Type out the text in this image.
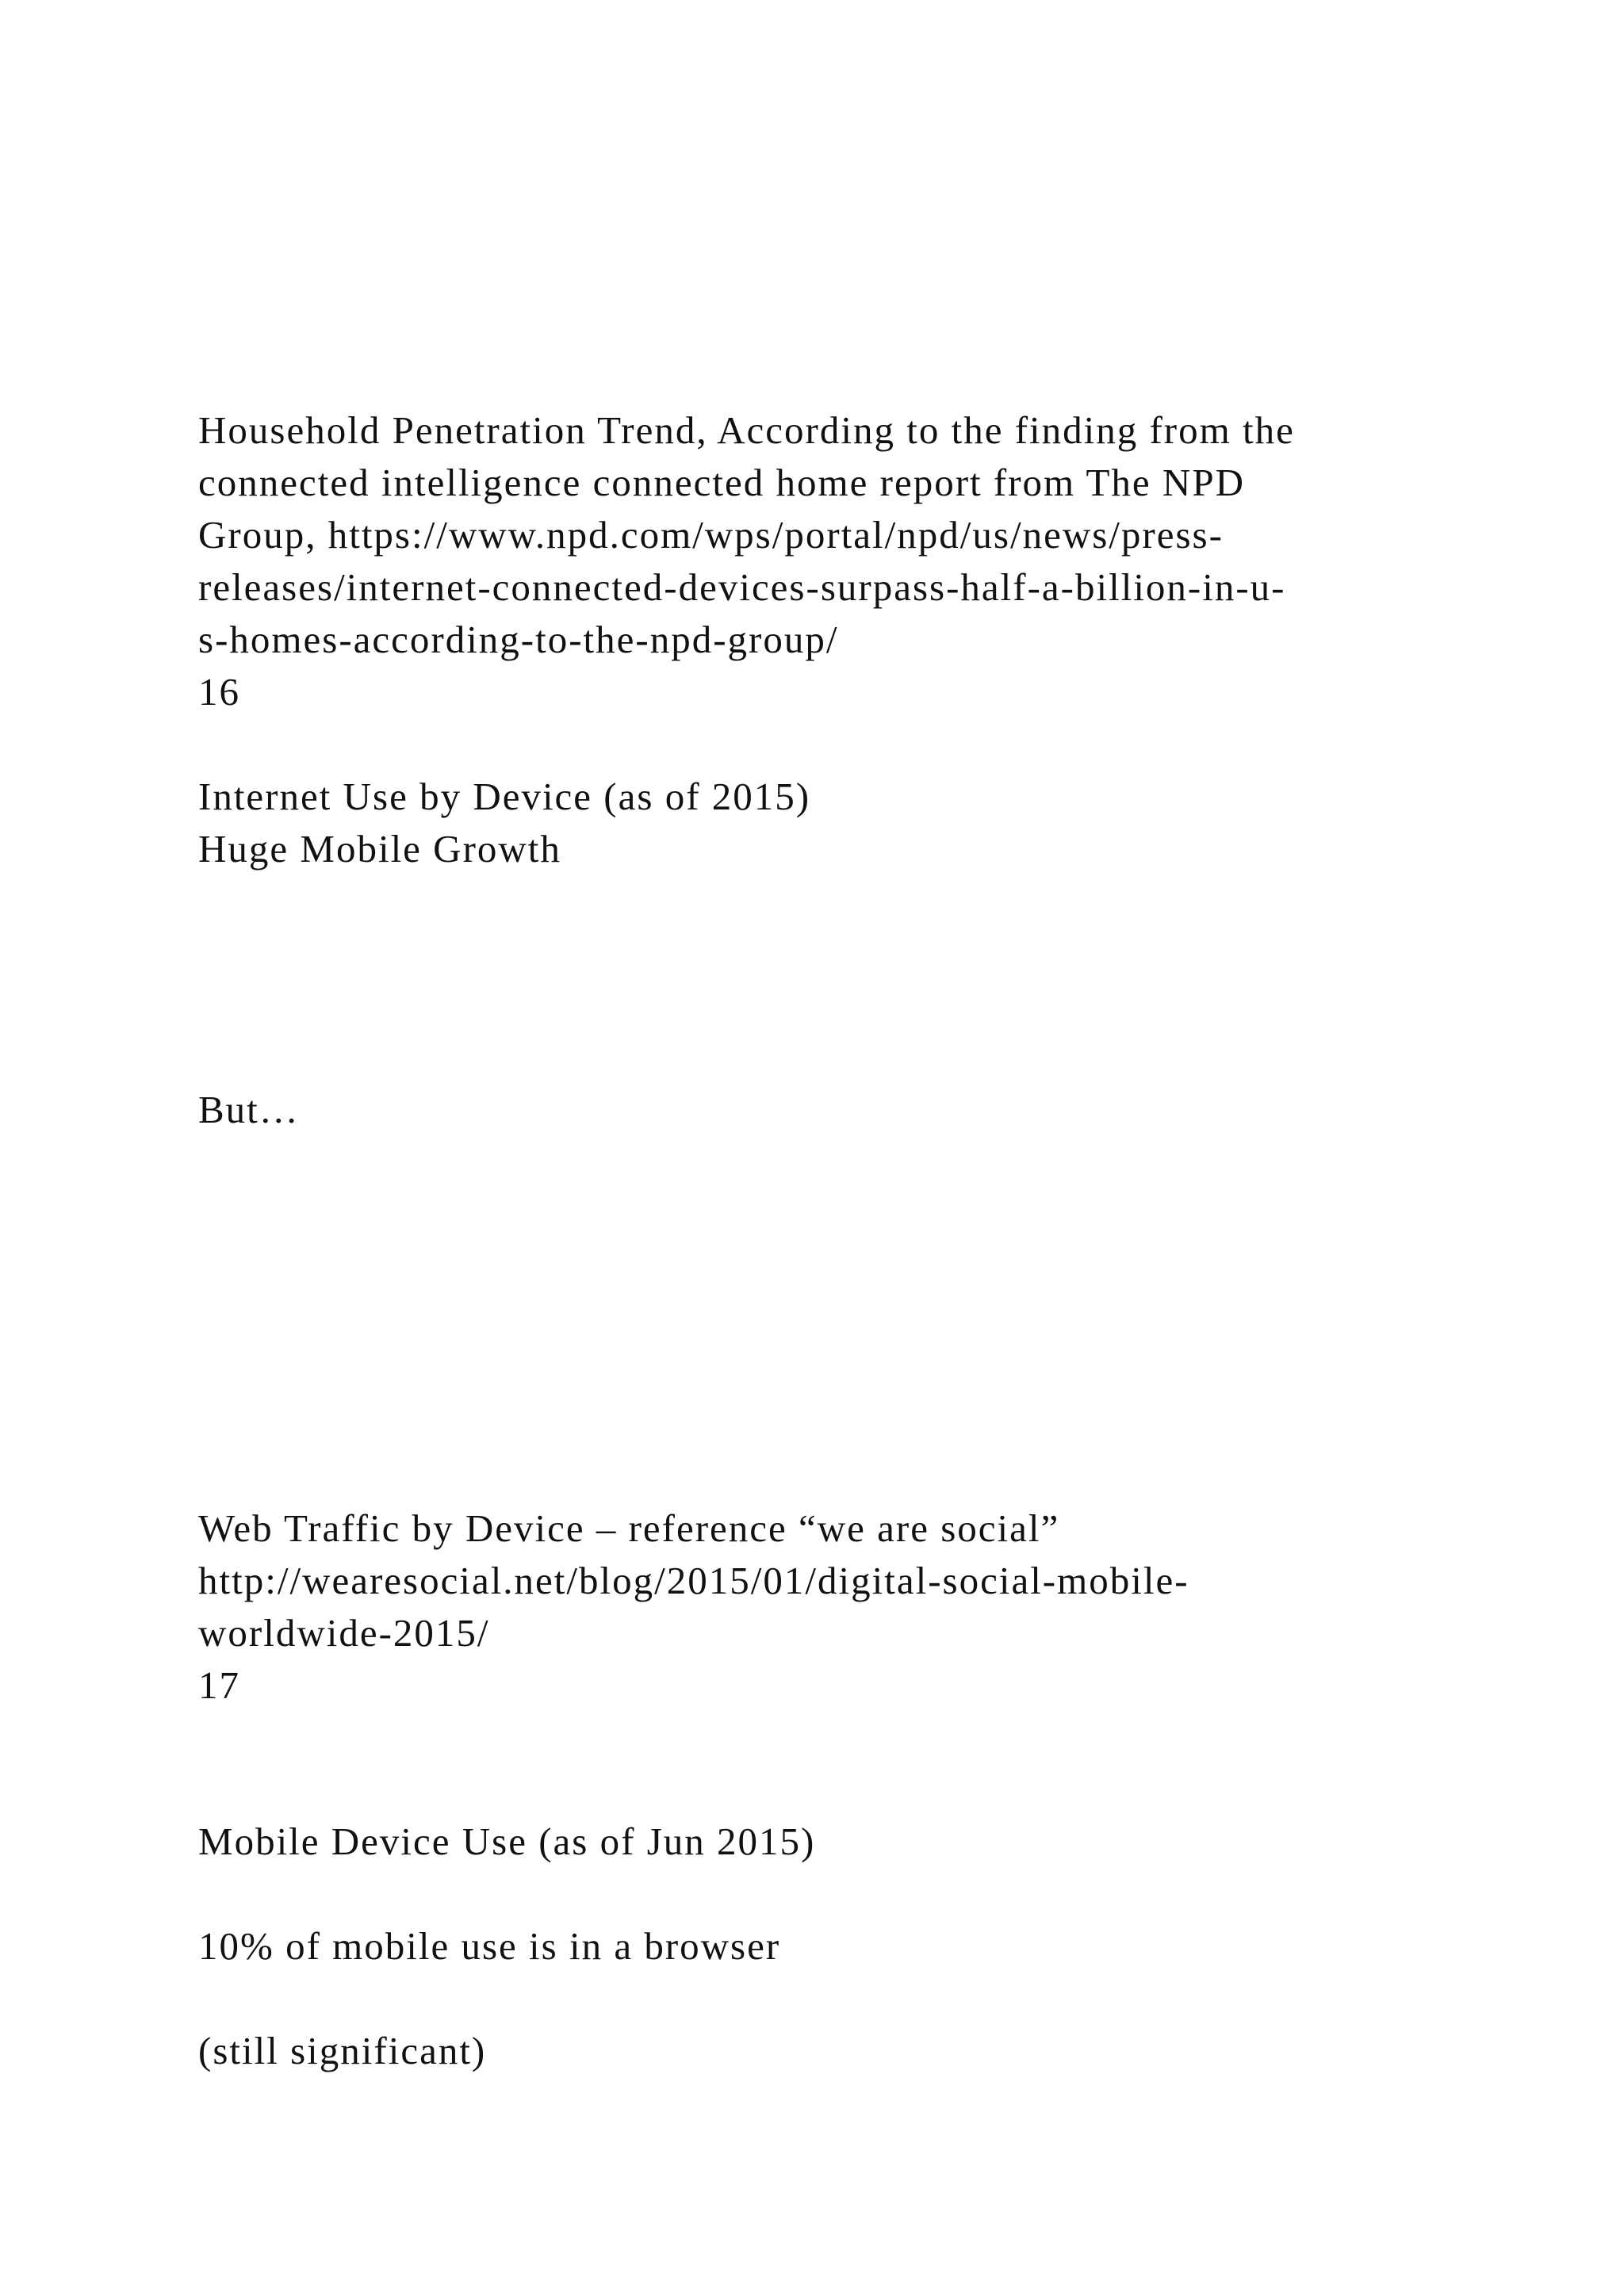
Household Penetration Trend, According to the finding from the

connected intelligence connected home report from The NPD

Group, https://www.npd.com/wps/portal/npd/us/news/press-

releases/internet-connected-devices-surpass-half-a-billion-in-u-

s-homes-according-to-the-npd-group/

16

Internet Use by Device (as of 2015)

Huge Mobile Growth

But…

Web Traffic by Device – reference “we are social”

http://wearesocial.net/blog/2015/01/digital-social-mobile-

worldwide-2015/

17

Mobile Device Use (as of Jun 2015)

10% of mobile use is in a browser

(still significant)
